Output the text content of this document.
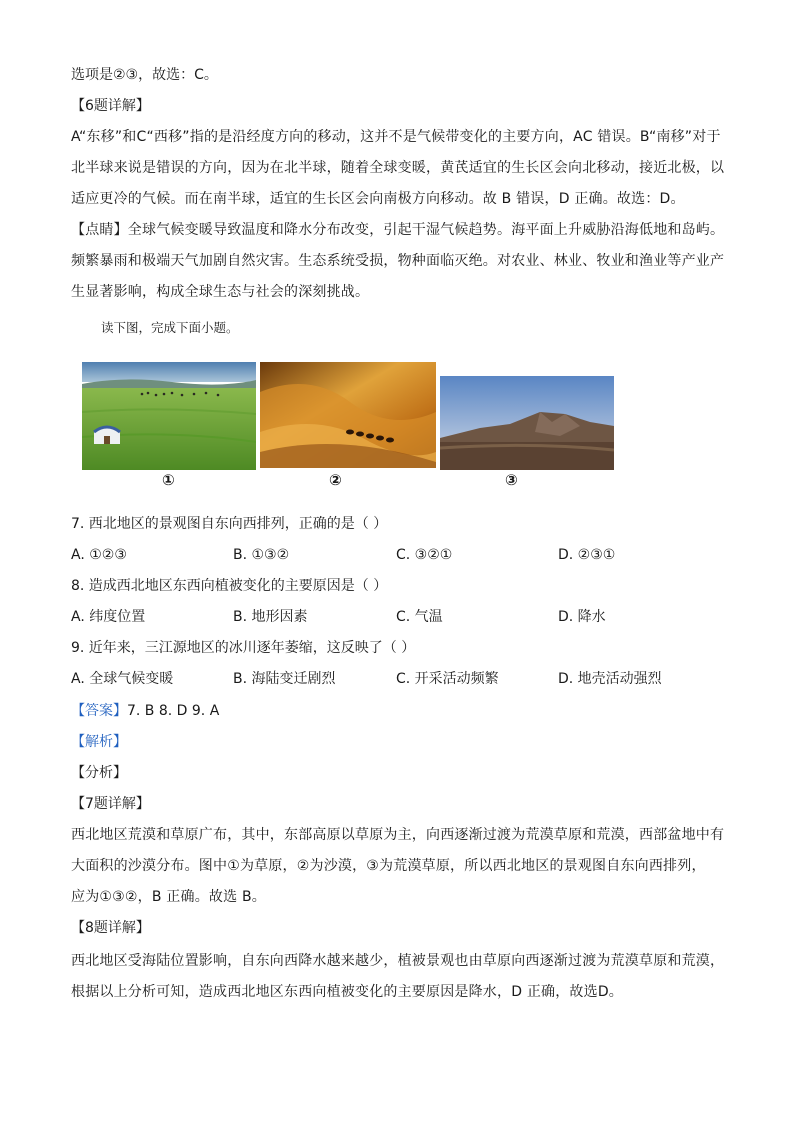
选项是②③，故选：C。
【6题详解】
A“东移”和C“西移”指的是沿经度方向的移动，这并不是气候带变化的主要方向，AC 错误。B“南移”对于
北半球来说是错误的方向，因为在北半球，随着全球变暖，黄芪适宜的生长区会向北移动，接近北极，以
适应更冷的气候。而在南半球，适宜的生长区会向南极方向移动。故 B 错误，D 正确。故选：D。
【点睛】全球气候变暖导致温度和降水分布改变，引起干湿气候趋势。海平面上升威胁沿海低地和岛屿。
频繁暴雨和极端天气加剧自然灾害。生态系统受损，物种面临灭绝。对农业、林业、牧业和渔业等产业产
生显著影响，构成全球生态与社会的深刻挑战。
读下图，完成下面小题。
①	②	③
7. 西北地区的景观图自东向西排列，正确的是（ ）
A. ①②③	B. ①③②	C. ③②①	D. ②③①
8. 造成西北地区东西向植被变化的主要原因是（ ）
A. 纬度位置	B. 地形因素	C. 气温	D. 降水
9. 近年来，三江源地区的冰川逐年萎缩，这反映了（ ）
A. 全球气候变暖	B. 海陆变迁剧烈	C. 开采活动频繁	D. 地壳活动强烈
【答案】7. B 8. D 9. A
【解析】
【分析】
【7题详解】
西北地区荒漠和草原广布，其中，东部高原以草原为主，向西逐渐过渡为荒漠草原和荒漠，西部盆地中有
大面积的沙漠分布。图中①为草原，②为沙漠，③为荒漠草原，所以西北地区的景观图自东向西排列，
应为①③②，B 正确。故选 B。
【8题详解】
西北地区受海陆位置影响，自东向西降水越来越少，植被景观也由草原向西逐渐过渡为荒漠草原和荒漠，
根据以上分析可知，造成西北地区东西向植被变化的主要原因是降水，D 正确，故选D。
